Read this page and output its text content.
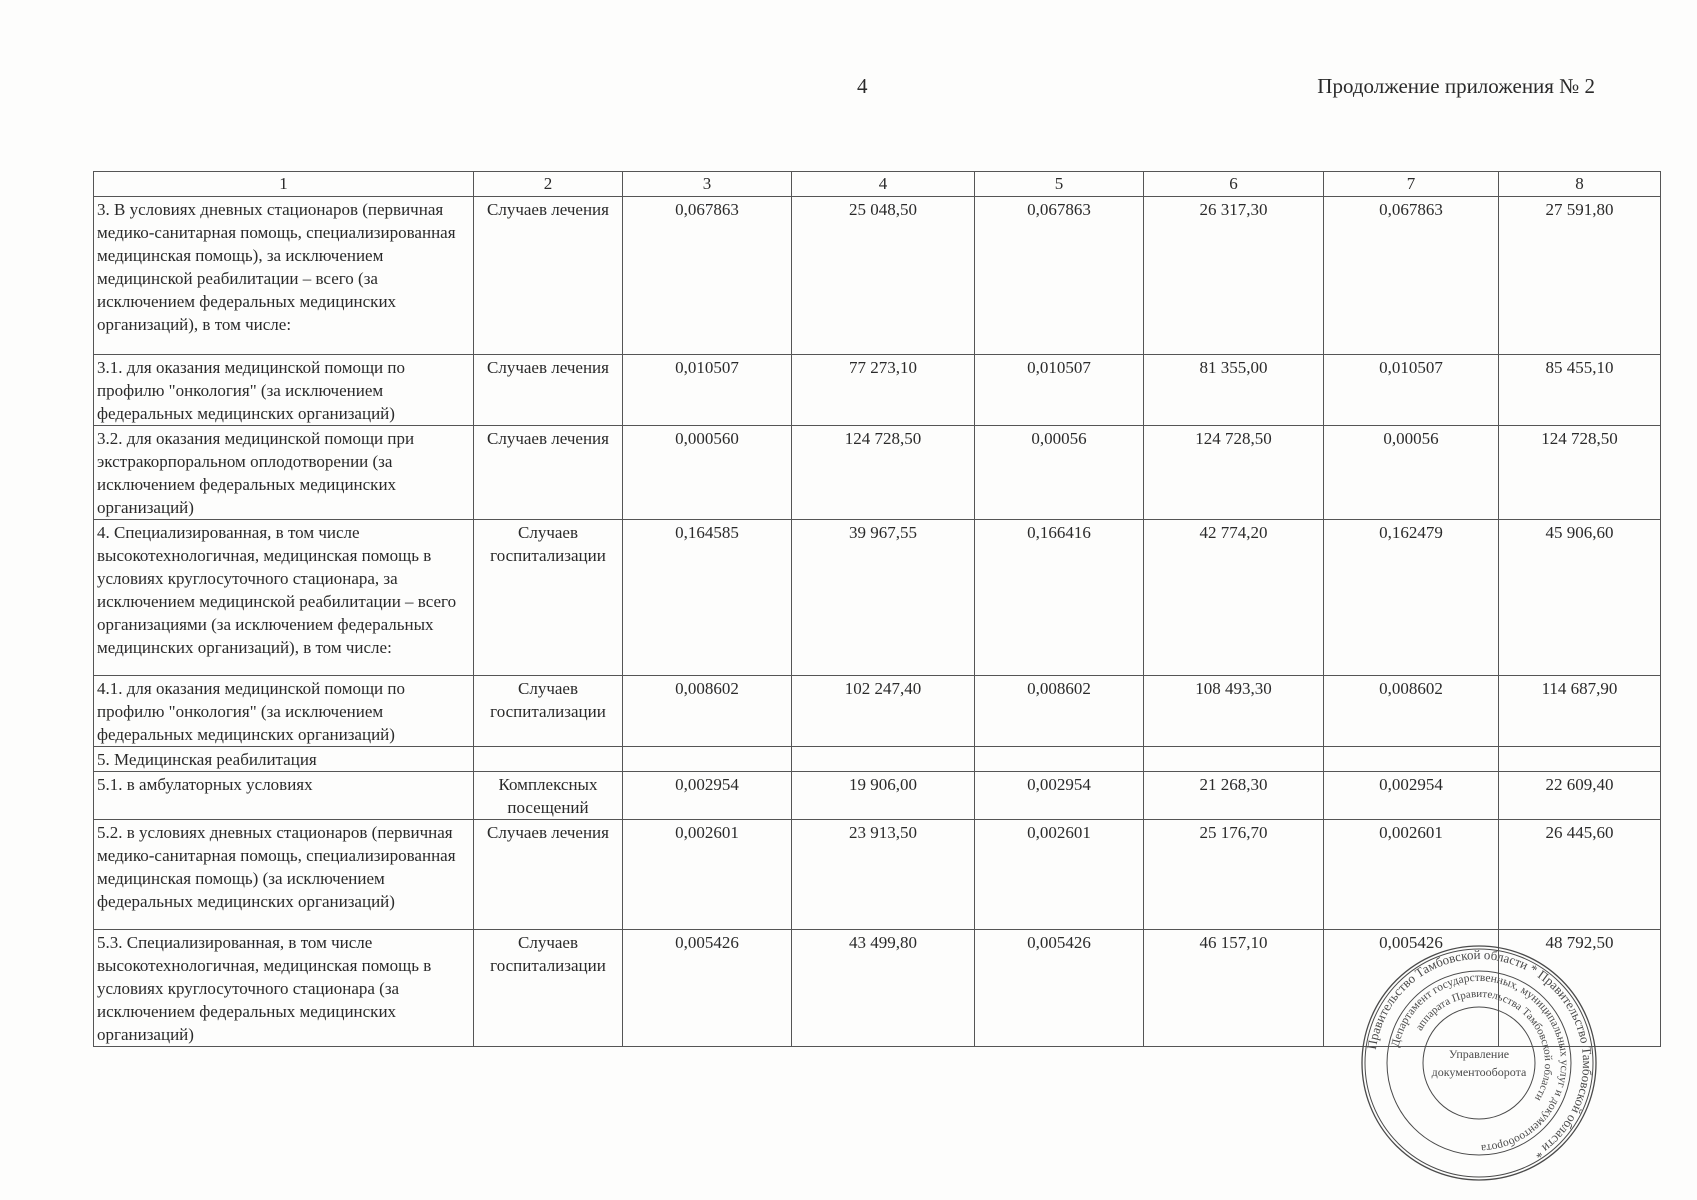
4	Продолжение приложения № 2
1	2	3	4	5	6	7	8
3. В условиях дневных стационаров (первичная медико-санитарная помощь, специализированная медицинская помощь), за исключением медицинской реабилитации – всего (за исключением федеральных медицинских организаций), в том числе:	Случаев лечения	0,067863	25 048,50	0,067863	26 317,30	0,067863	27 591,80
3.1. для оказания медицинской помощи по профилю "онкология" (за исключением федеральных медицинских организаций)	Случаев лечения	0,010507	77 273,10	0,010507	81 355,00	0,010507	85 455,10
3.2. для оказания медицинской помощи при экстракорпоральном оплодотворении (за исключением федеральных медицинских организаций)	Случаев лечения	0,000560	124 728,50	0,00056	124 728,50	0,00056	124 728,50
4. Специализированная, в том числе высокотехнологичная, медицинская помощь в условиях круглосуточного стационара, за исключением медицинской реабилитации – всего организациями (за исключением федеральных медицинских организаций), в том числе:	Случаев госпитализации	0,164585	39 967,55	0,166416	42 774,20	0,162479	45 906,60
4.1. для оказания медицинской помощи по профилю "онкология" (за исключением федеральных медицинских организаций)	Случаев госпитализации	0,008602	102 247,40	0,008602	108 493,30	0,008602	114 687,90
5. Медицинская реабилитация							
5.1. в амбулаторных условиях	Комплексных посещений	0,002954	19 906,00	0,002954	21 268,30	0,002954	22 609,40
5.2. в условиях дневных стационаров (первичная медико-санитарная помощь, специализированная медицинская помощь) (за исключением федеральных медицинских организаций)	Случаев лечения	0,002601	23 913,50	0,002601	25 176,70	0,002601	26 445,60
5.3. Специализированная, в том числе высокотехнологичная, медицинская помощь в условиях круглосуточного стационара (за исключением федеральных медицинских организаций)	Случаев госпитализации	0,005426	43 499,80	0,005426	46 157,10	0,005426	48 792,50
Правительство Тамбовской области * Правительство Тамбовской области *
Департамент государственных, муниципальных услуг и документооборота
аппарата Правительства Тамбовской области
Управление
документооборота
